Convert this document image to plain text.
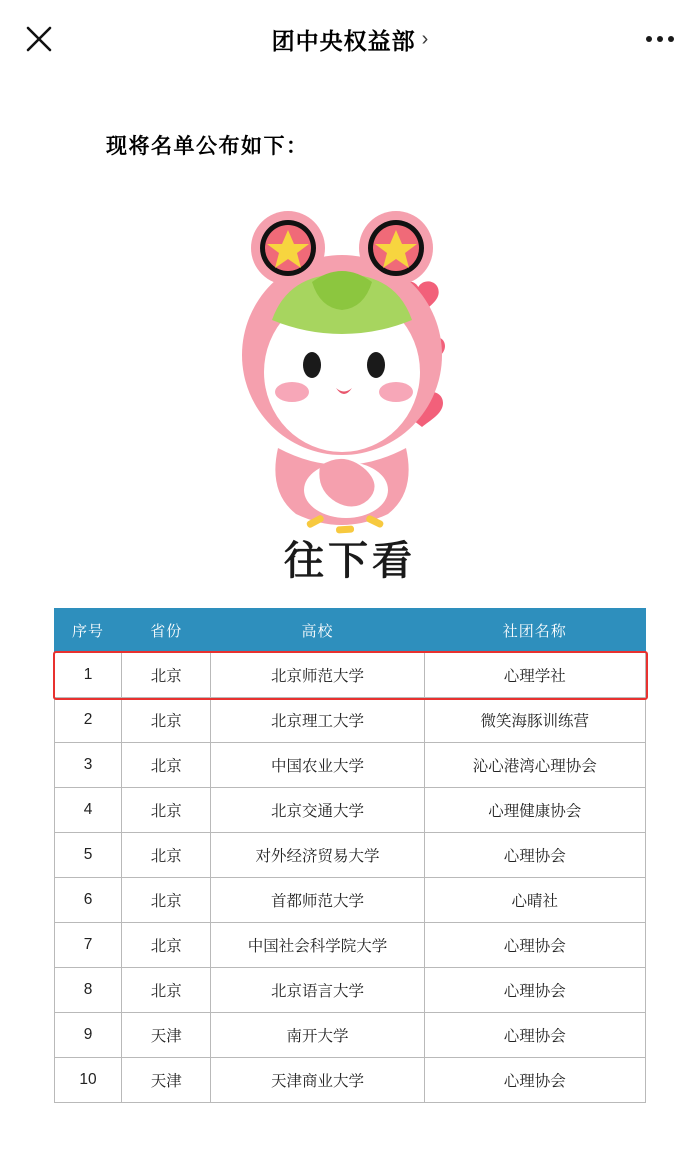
团中央权益部 ›
现将名单公布如下：
往下看
序号	省份	高校	社团名称
1	北京	北京师范大学	心理学社
2	北京	北京理工大学	微笑海豚训练营
3	北京	中国农业大学	沁心港湾心理协会
4	北京	北京交通大学	心理健康协会
5	北京	对外经济贸易大学	心理协会
6	北京	首都师范大学	心晴社
7	北京	中国社会科学院大学	心理协会
8	北京	北京语言大学	心理协会
9	天津	南开大学	心理协会
10	天津	天津商业大学	心理协会
